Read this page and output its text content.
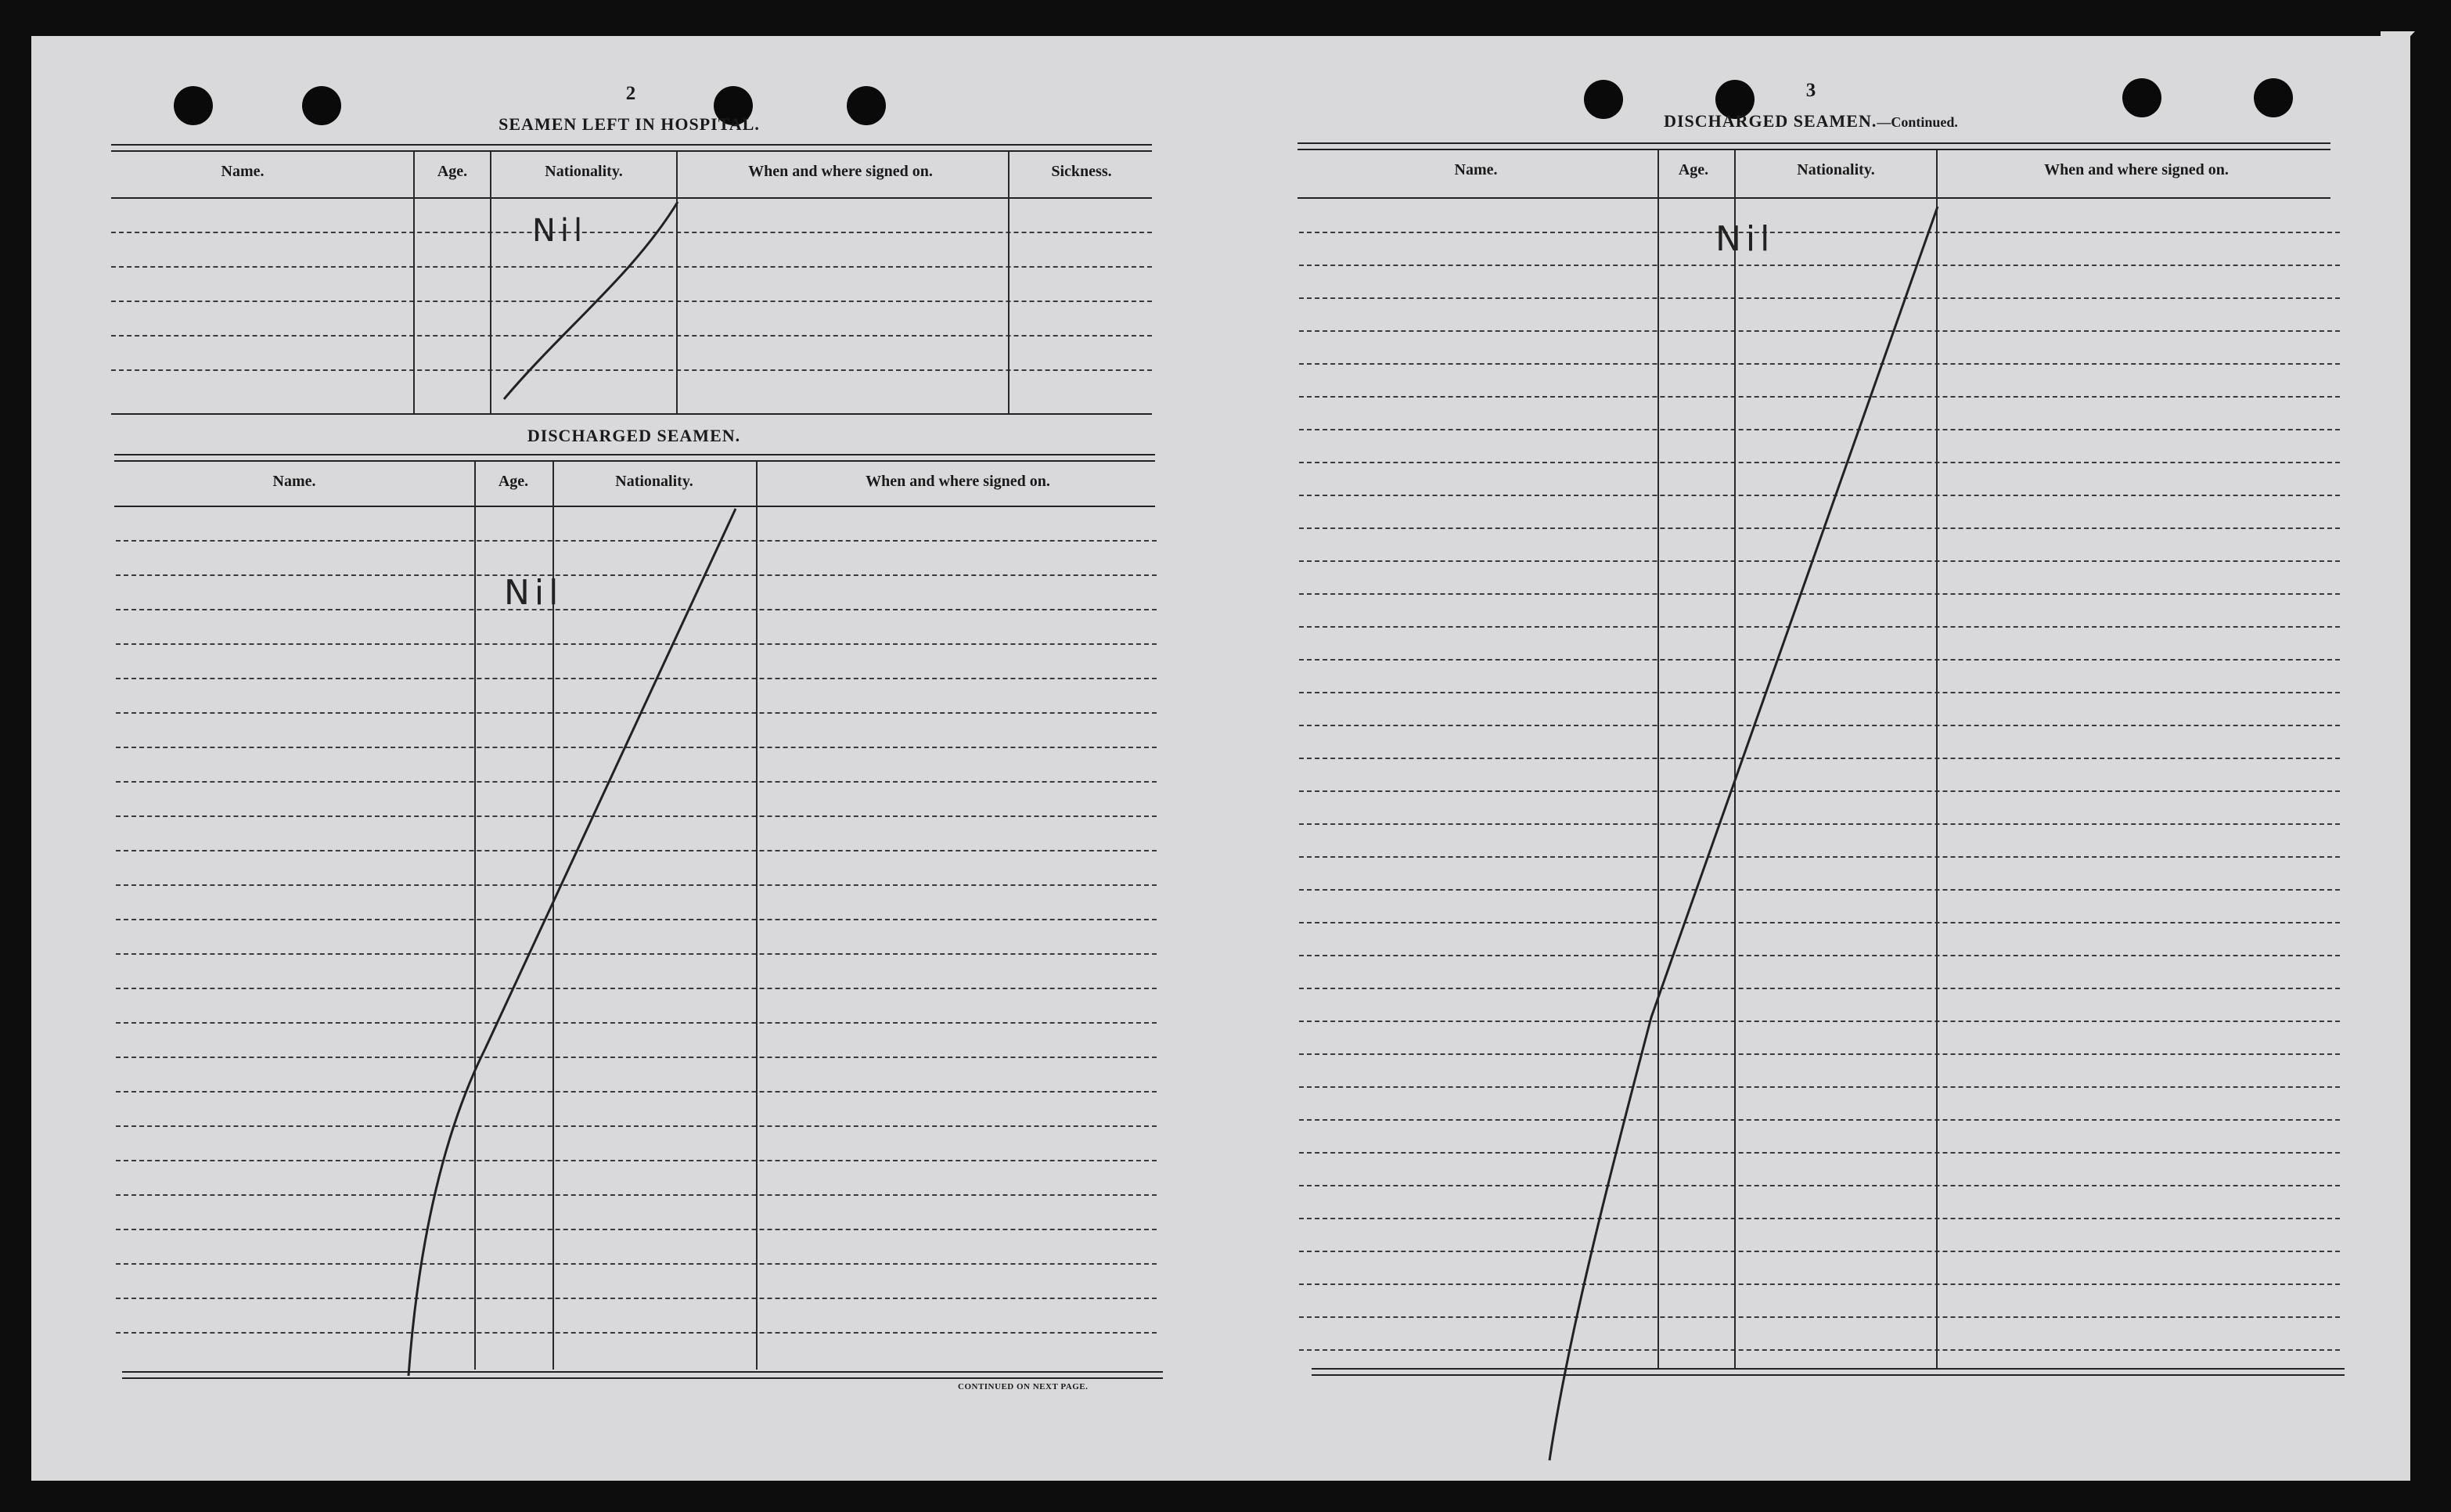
2
SEAMEN LEFT IN HOSPITAL.
Name.	Age.	Nationality.	When and where signed on.	Sickness.
DISCHARGED SEAMEN.
Name.	Age.	Nationality.	When and where signed on.
CONTINUED ON NEXT PAGE.
Nil
Nil
3
DISCHARGED SEAMEN.—Continued.
Name.	Age.	Nationality.	When and where signed on.
Nil
